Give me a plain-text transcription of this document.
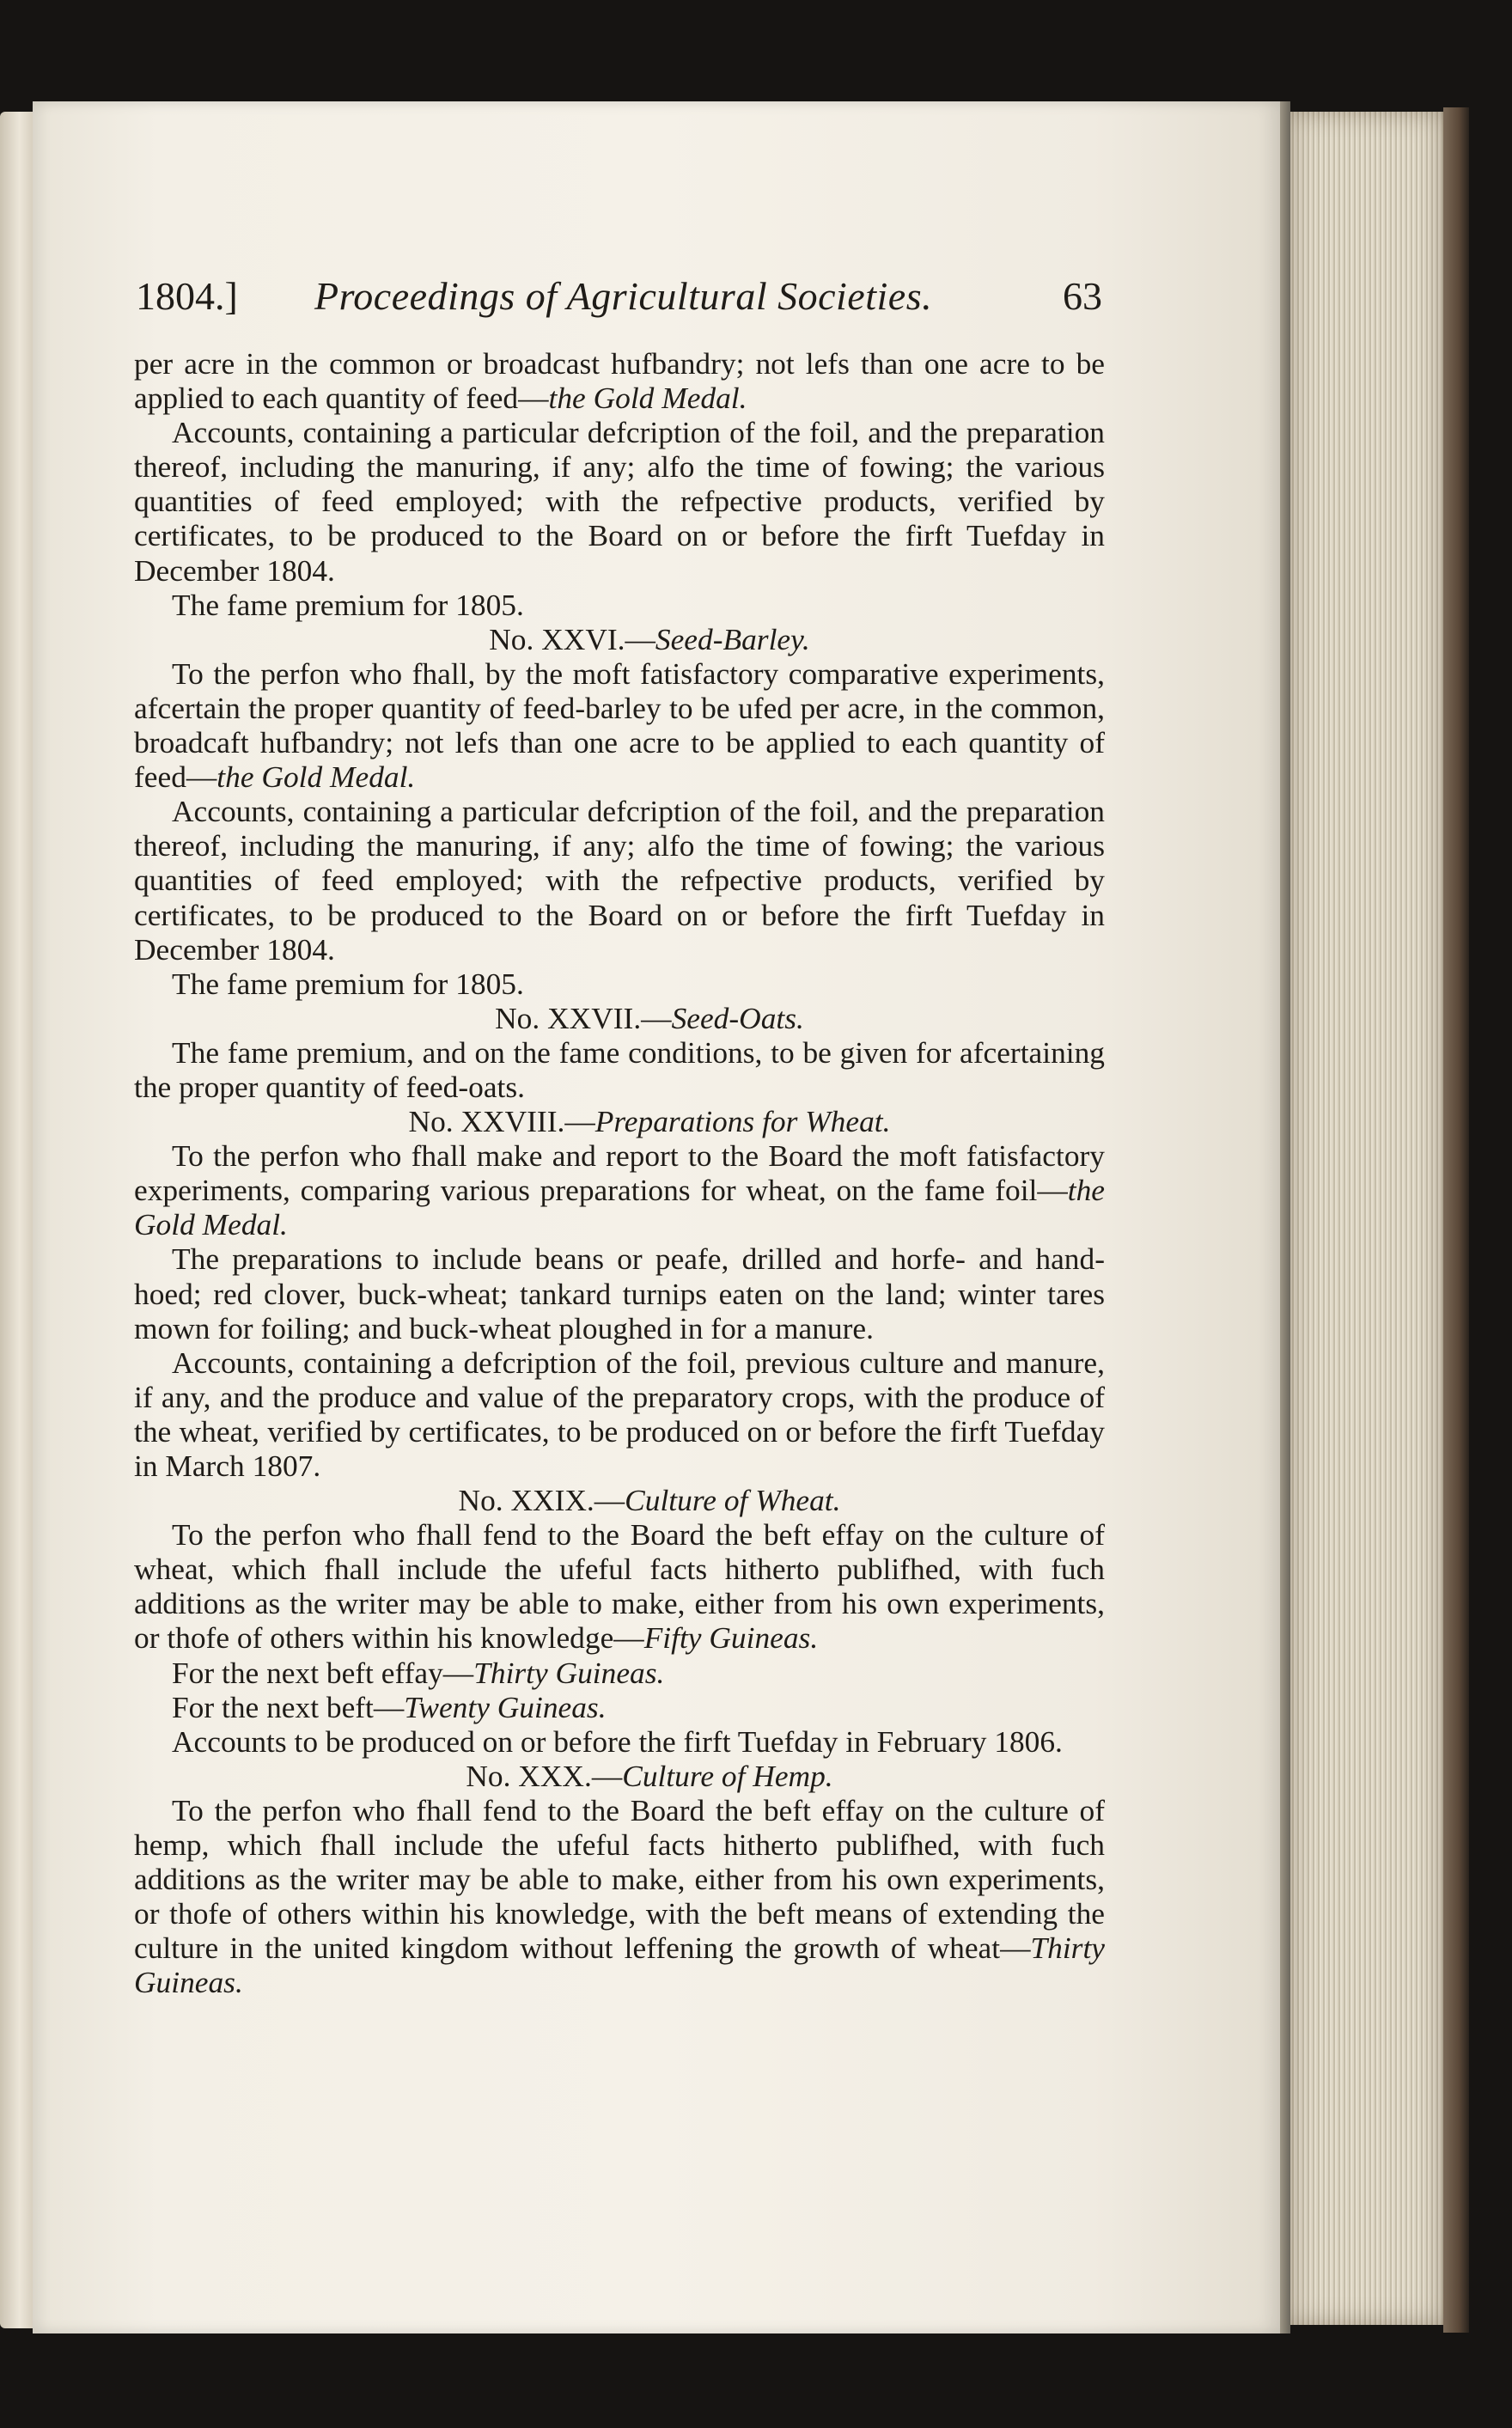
1804.] Proceedings of Agricultural Societies.	63

per acre in the common or broadcast hufbandry; not lefs than one acre to be applied to each quantity of feed—the Gold Medal.

Accounts, containing a particular defcription of the foil, and the preparation thereof, including the manuring, if any; alfo the time of fowing; the various quantities of feed employed; with the refpective products, verified by certificates, to be produced to the Board on or before the firft Tuefday in December 1804.

The fame premium for 1805.

No. XXVI.—Seed-Barley.

To the perfon who fhall, by the moft fatisfactory comparative experiments, afcertain the proper quantity of feed-barley to be ufed per acre, in the common, broadcaft hufbandry; not lefs than one acre to be applied to each quantity of feed—the Gold Medal.

Accounts, containing a particular defcription of the foil, and the preparation thereof, including the manuring, if any; alfo the time of fowing; the various quantities of feed employed; with the refpective products, verified by certificates, to be produced to the Board on or before the firft Tuefday in December 1804.

The fame premium for 1805.

No. XXVII.—Seed-Oats.

The fame premium, and on the fame conditions, to be given for afcertaining the proper quantity of feed-oats.

No. XXVIII.—Preparations for Wheat.

To the perfon who fhall make and report to the Board the moft fatisfactory experiments, comparing various preparations for wheat, on the fame foil—the Gold Medal.

The preparations to include beans or peafe, drilled and horfe- and hand-hoed; red clover, buck-wheat; tankard turnips eaten on the land; winter tares mown for foiling; and buck-wheat ploughed in for a manure.

Accounts, containing a defcription of the foil, previous culture and manure, if any, and the produce and value of the preparatory crops, with the produce of the wheat, verified by certificates, to be produced on or before the firft Tuefday in March 1807.

No. XXIX.—Culture of Wheat.

To the perfon who fhall fend to the Board the beft effay on the culture of wheat, which fhall include the ufeful facts hitherto publifhed, with fuch additions as the writer may be able to make, either from his own experiments, or thofe of others within his knowledge—Fifty Guineas.

For the next beft effay—Thirty Guineas.

For the next beft—Twenty Guineas.

Accounts to be produced on or before the firft Tuefday in February 1806.

No. XXX.—Culture of Hemp.

To the perfon who fhall fend to the Board the beft effay on the culture of hemp, which fhall include the ufeful facts hitherto publifhed, with fuch additions as the writer may be able to make, either from his own experiments, or thofe of others within his knowledge, with the beft means of extending the culture in the united kingdom without leffening the growth of wheat—Thirty Guineas.
